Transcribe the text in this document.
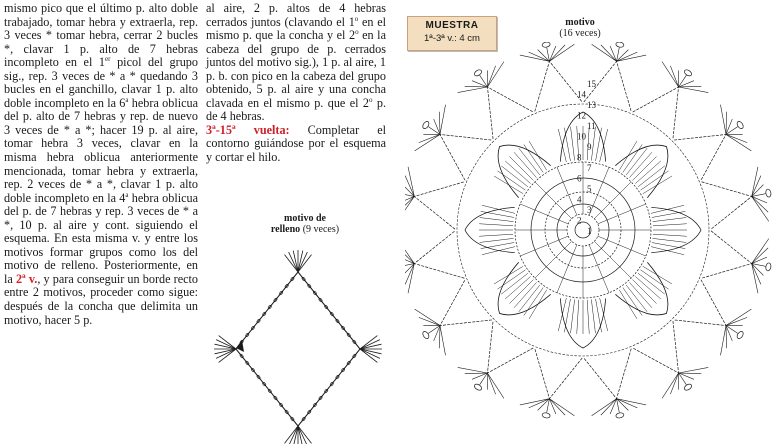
mismo pico que el último p. alto doble trabajado, tomar hebra y extraerla, rep. 3 veces * tomar hebra, cerrar 2 bucles *, clavar 1 p. alto de 7 hebras incompleto en el 1er picol del grupo sig., rep. 3 veces de * a * quedando 3 bucles en el ganchillo, clavar 1 p. alto doble incompleto en la 6$^a$ hebra oblicua del p. alto de 7 hebras y rep. de nuevo 3 veces de * a *; hacer 19 p. al aire, tomar hebra 3 veces, clavar en la misma hebra oblicua anteriormente mencionada, tomar hebra y extraerla, rep. 2 veces de * a *, clavar 1 p. alto doble incompleto en la 4$^a$ hebra oblicua del p. de 7 hebras y rep. 3 veces de * a *, 10 p. al aire y cont. siguiendo el esquema. En esta misma v. y entre los motivos formar grupos como los del motivo de relleno. Posteriormente, en la 2ª v., y para conseguir un borde recto entre 2 motivos, proceder como sigue: después de la concha que delimita un motivo, hacer 5 p.

al aire, 2 p. altos de 4 hebras cerrados juntos (clavando el 1$^o$ en el mismo p. que la concha y el 2$^o$ en la cabeza del grupo de p. cerrados juntos del motivo sig.), 1 p. al aire, 1 p. b. con pico en la cabeza del grupo obtenido, 5 p. al aire y una concha clavada en el mismo p. que el 2$^o$ p. de 4 hebras.

3ª-15ª vuelta: Completar el contorno guiándose por el esquema y cortar el hilo.

MUESTRA
1ª-3ª v.: 4 cm
motivo de
relleno (9 veces)
motivo
(16 veces)
1
2
3
4
5
6
7
8
9
10
11
12
13
14
15
